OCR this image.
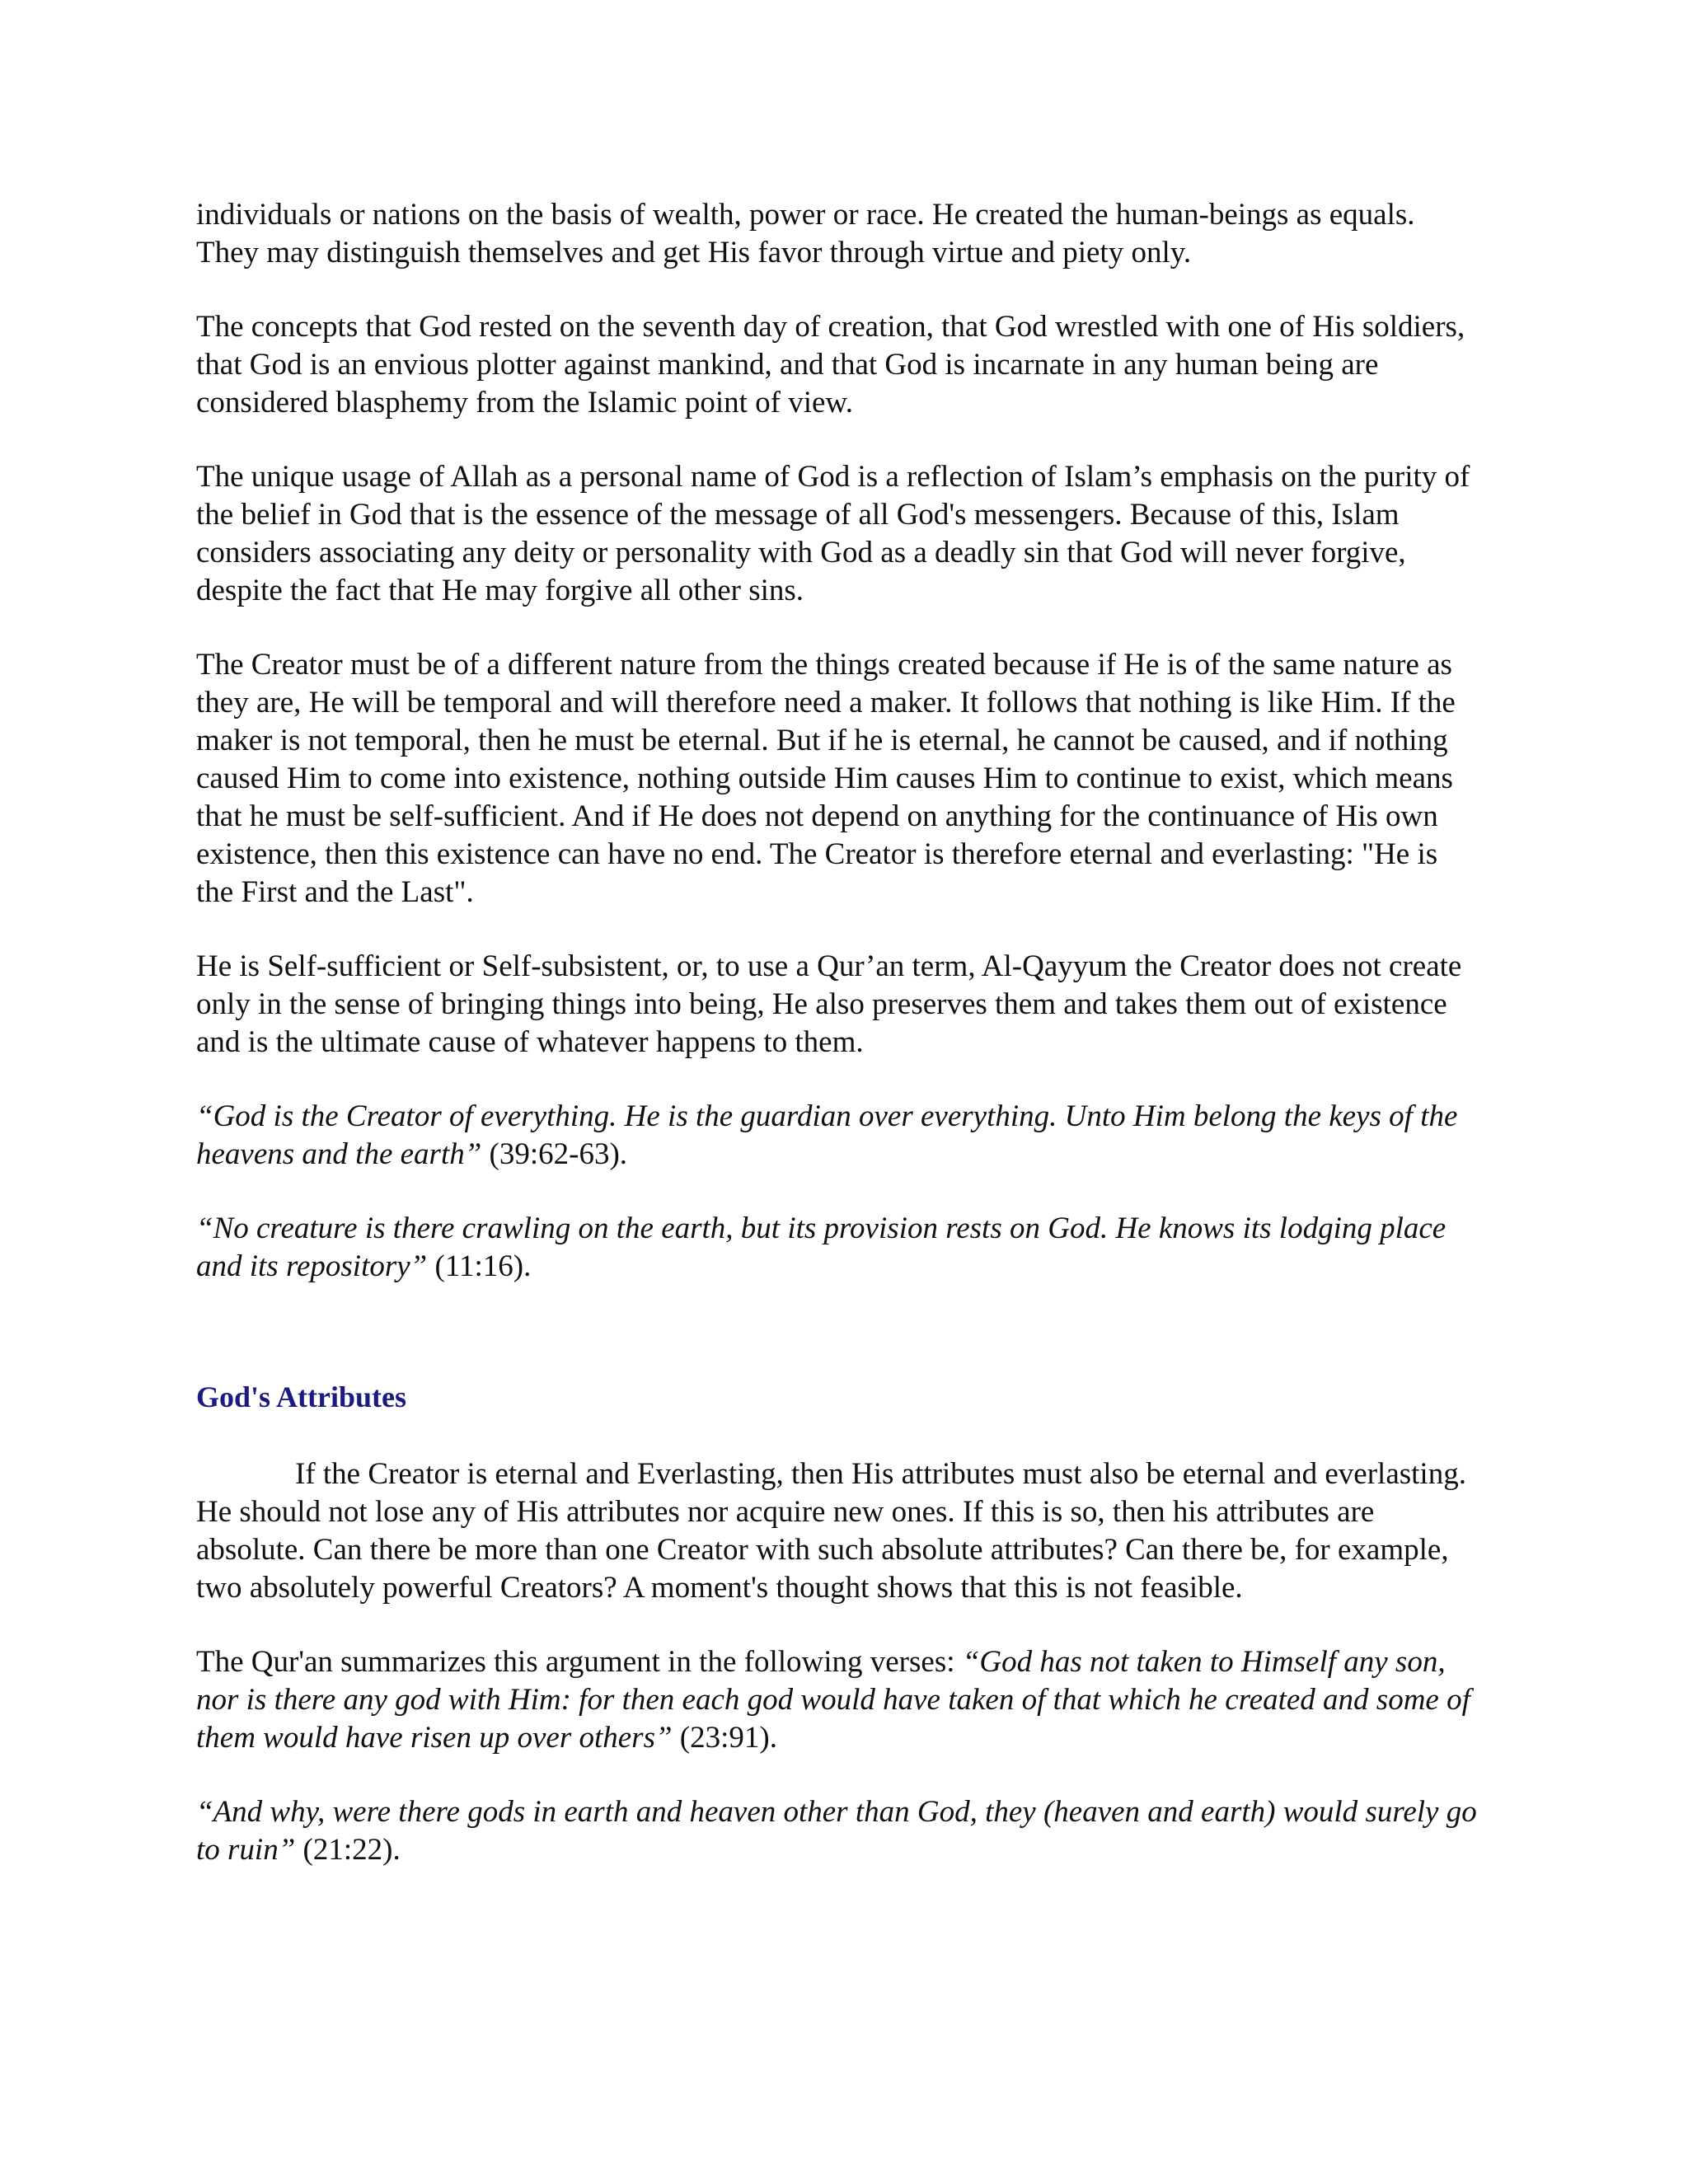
individuals or nations on the basis of wealth, power or race. He created the human-beings as equals. They may distinguish themselves and get His favor through virtue and piety only.

The concepts that God rested on the seventh day of creation, that God wrestled with one of His soldiers, that God is an envious plotter against mankind, and that God is incarnate in any human being are considered blasphemy from the Islamic point of view.

The unique usage of Allah as a personal name of God is a reflection of Islam’s emphasis on the purity of the belief in God that is the essence of the message of all God's messengers. Because of this, Islam considers associating any deity or personality with God as a deadly sin that God will never forgive, despite the fact that He may forgive all other sins.

The Creator must be of a different nature from the things created because if He is of the same nature as they are, He will be temporal and will therefore need a maker. It follows that nothing is like Him. If the maker is not temporal, then he must be eternal. But if he is eternal, he cannot be caused, and if nothing caused Him to come into existence, nothing outside Him causes Him to continue to exist, which means that he must be self-sufficient. And if He does not depend on anything for the continuance of His own existence, then this existence can have no end. The Creator is therefore eternal and everlasting: "He is the First and the Last".

He is Self-sufficient or Self-subsistent, or, to use a Qur’an term, Al-Qayyum the Creator does not create only in the sense of bringing things into being, He also preserves them and takes them out of existence and is the ultimate cause of whatever happens to them.

“God is the Creator of everything. He is the guardian over everything. Unto Him belong the keys of the heavens and the earth” (39:62-63).

“No creature is there crawling on the earth, but its provision rests on God. He knows its lodging place and its repository” (11:16).

God's Attributes

If the Creator is eternal and Everlasting, then His attributes must also be eternal and everlasting. He should not lose any of His attributes nor acquire new ones. If this is so, then his attributes are absolute. Can there be more than one Creator with such absolute attributes? Can there be, for example, two absolutely powerful Creators? A moment's thought shows that this is not feasible.

The Qur'an summarizes this argument in the following verses: “God has not taken to Himself any son, nor is there any god with Him: for then each god would have taken of that which he created and some of them would have risen up over others” (23:91).

“And why, were there gods in earth and heaven other than God, they (heaven and earth) would surely go to ruin” (21:22).
